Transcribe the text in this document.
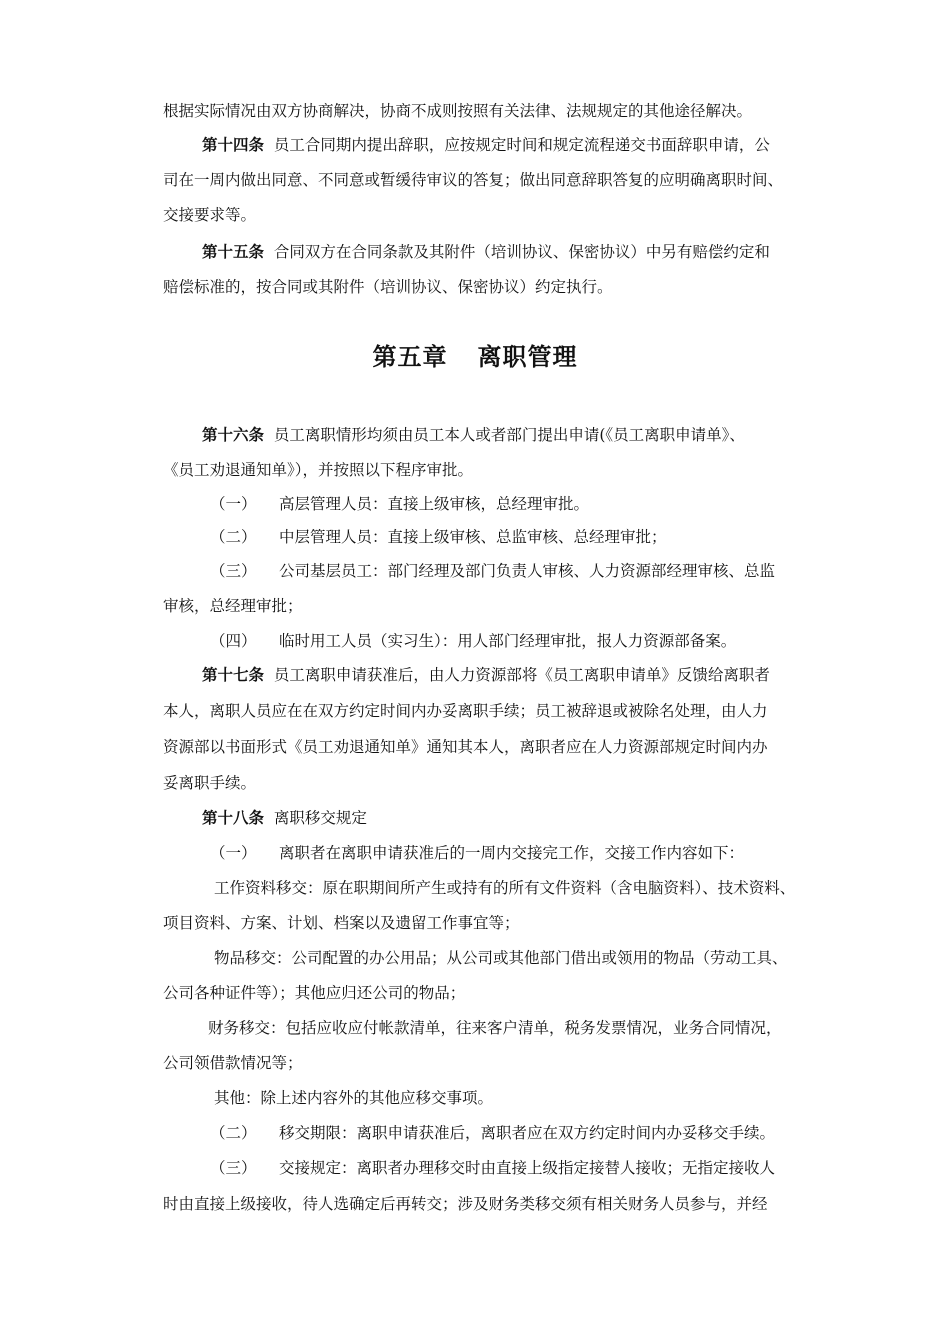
根据实际情况由双方协商解决，协商不成则按照有关法律、法规规定的其他途径解决。
第十四条 员工合同期内提出辞职，应按规定时间和规定流程递交书面辞职申请，公
司在一周内做出同意、不同意或暂缓待审议的答复；做出同意辞职答复的应明确离职时间、
交接要求等。
第十五条 合同双方在合同条款及其附件（培训协议、保密协议）中另有赔偿约定和
赔偿标准的，按合同或其附件（培训协议、保密协议）约定执行。
第五章 离职管理
第十六条 员工离职情形均须由员工本人或者部门提出申请(《员工离职申请单》、
《员工劝退通知单》），并按照以下程序审批。
（一） 高层管理人员：直接上级审核，总经理审批。
（二） 中层管理人员：直接上级审核、总监审核、总经理审批；
（三） 公司基层员工：部门经理及部门负责人审核、人力资源部经理审核、总监
审核，总经理审批；
（四） 临时用工人员（实习生）：用人部门经理审批，报人力资源部备案。
第十七条 员工离职申请获准后，由人力资源部将《员工离职申请单》反馈给离职者
本人，离职人员应在在双方约定时间内办妥离职手续；员工被辞退或被除名处理，由人力
资源部以书面形式《员工劝退通知单》通知其本人，离职者应在人力资源部规定时间内办
妥离职手续。
第十八条 离职移交规定
（一） 离职者在离职申请获准后的一周内交接完工作，交接工作内容如下：
工作资料移交：原在职期间所产生或持有的所有文件资料（含电脑资料）、技术资料、
项目资料、方案、计划、档案以及遗留工作事宜等；
物品移交：公司配置的办公用品；从公司或其他部门借出或领用的物品（劳动工具、
公司各种证件等）；其他应归还公司的物品；
财务移交：包括应收应付帐款清单，往来客户清单，税务发票情况，业务合同情况，
公司领借款情况等；
其他：除上述内容外的其他应移交事项。
（二） 移交期限：离职申请获准后，离职者应在双方约定时间内办妥移交手续。
（三） 交接规定：离职者办理移交时由直接上级指定接替人接收；无指定接收人
时由直接上级接收，待人选确定后再转交；涉及财务类移交须有相关财务人员参与，并经
